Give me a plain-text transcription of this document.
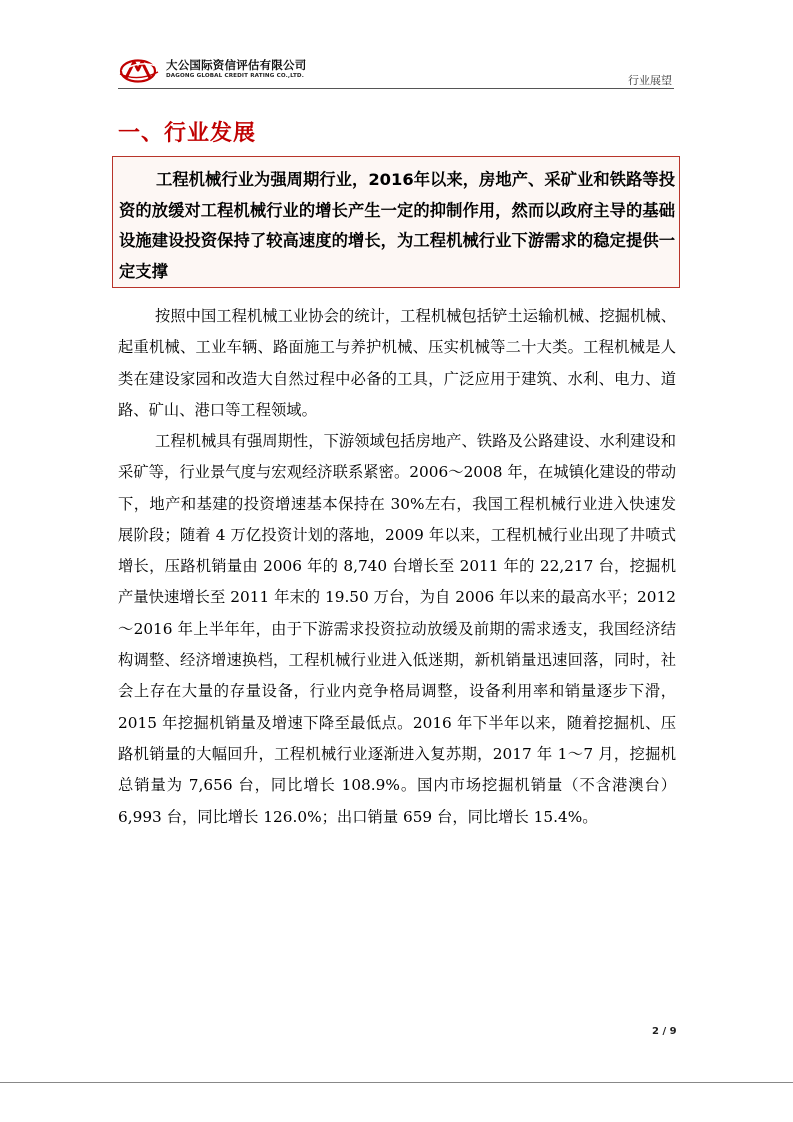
大公国际资信评估有限公司
DAGONG GLOBAL CREDIT RATING CO.,LTD.	行业展望
一、行业发展
工程机械行业为强周期行业，2016年以来，房地产、采矿业和铁路等投资的放缓对工程机械行业的增长产生一定的抑制作用，然而以政府主导的基础设施建设投资保持了较高速度的增长，为工程机械行业下游需求的稳定提供一定支撑

按照中国工程机械工业协会的统计，工程机械包括铲土运输机械、挖掘机械、起重机械、工业车辆、路面施工与养护机械、压实机械等二十大类。工程机械是人类在建设家园和改造大自然过程中必备的工具，广泛应用于建筑、水利、电力、道路、矿山、港口等工程领域。

工程机械具有强周期性，下游领域包括房地产、铁路及公路建设、水利建设和采矿等，行业景气度与宏观经济联系紧密。2006～2008 年，在城镇化建设的带动下，地产和基建的投资增速基本保持在 30%左右，我国工程机械行业进入快速发展阶段；随着 4 万亿投资计划的落地，2009 年以来，工程机械行业出现了井喷式增长，压路机销量由 2006 年的 8,740 台增长至 2011 年的 22,217 台，挖掘机产量快速增长至 2011 年末的 19.50 万台，为自 2006 年以来的最高水平；2012～2016 年上半年年，由于下游需求投资拉动放缓及前期的需求透支，我国经济结构调整、经济增速换档，工程机械行业进入低迷期，新机销量迅速回落，同时，社会上存在大量的存量设备，行业内竞争格局调整，设备利用率和销量逐步下滑，2015 年挖掘机销量及增速下降至最低点。2016 年下半年以来，随着挖掘机、压路机销量的大幅回升，工程机械行业逐渐进入复苏期，2017 年 1～7 月，挖掘机总销量为 7,656 台，同比增长 108.9%。国内市场挖掘机销量（不含港澳台）6,993 台，同比增长 126.0%；出口销量 659 台，同比增长 15.4%。

2 / 9
